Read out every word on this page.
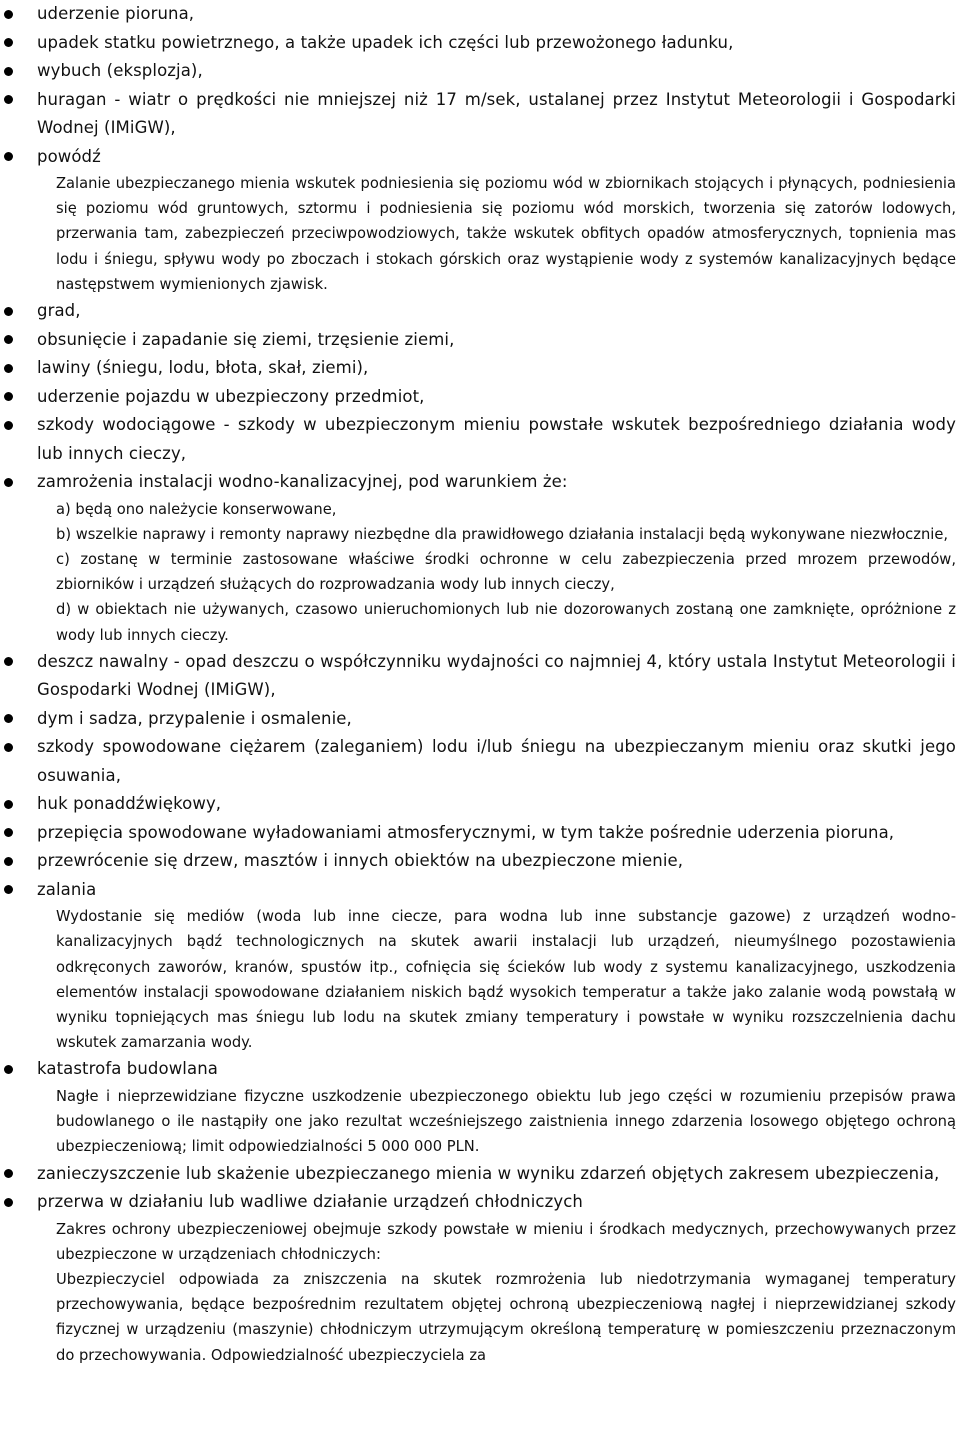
uderzenie pioruna,
upadek statku powietrznego, a także upadek ich części lub przewożonego ładunku,
wybuch (eksplozja),
huragan - wiatr o prędkości nie mniejszej niż 17 m/sek, ustalanej przez Instytut Meteorologii i Gospodarki Wodnej (IMiGW),
powódź
Zalanie ubezpieczanego mienia wskutek podniesienia się poziomu wód w zbiornikach stojących i płynących, podniesienia się poziomu wód gruntowych, sztormu i podniesienia się poziomu wód morskich, tworzenia się zatorów lodowych, przerwania tam, zabezpieczeń przeciwpowodziowych, także wskutek obfitych opadów atmosferycznych, topnienia mas lodu i śniegu, spływu wody po zboczach i stokach górskich oraz wystąpienie wody z systemów kanalizacyjnych będące następstwem wymienionych zjawisk.
grad,
obsunięcie i zapadanie się ziemi, trzęsienie ziemi,
lawiny (śniegu, lodu, błota, skał, ziemi),
uderzenie pojazdu w ubezpieczony przedmiot,
szkody wodociągowe - szkody w ubezpieczonym mieniu powstałe wskutek bezpośredniego działania wody lub innych cieczy,
zamrożenia instalacji wodno-kanalizacyjnej, pod warunkiem że:
a) będą ono należycie konserwowane,
b) wszelkie naprawy i remonty naprawy niezbędne dla prawidłowego działania instalacji będą wykonywane niezwłocznie,
c) zostanę w terminie zastosowane właściwe środki ochronne w celu zabezpieczenia przed mrozem przewodów, zbiorników i urządzeń służących do rozprowadzania wody lub innych cieczy,
d) w obiektach nie używanych, czasowo unieruchomionych lub nie dozorowanych zostaną one zamknięte, opróżnione z wody lub innych cieczy.
deszcz nawalny - opad deszczu o współczynniku wydajności co najmniej 4, który ustala Instytut Meteorologii i Gospodarki Wodnej (IMiGW),
dym i sadza, przypalenie i osmalenie,
szkody spowodowane ciężarem (zaleganiem) lodu i/lub śniegu na ubezpieczanym mieniu oraz skutki jego osuwania,
huk ponaddźwiękowy,
przepięcia spowodowane wyładowaniami atmosferycznymi, w tym także pośrednie uderzenia pioruna,
przewrócenie się drzew, masztów i innych obiektów na ubezpieczone mienie,
zalania
Wydostanie się mediów (woda lub inne ciecze, para wodna lub inne substancje gazowe) z urządzeń wodno-kanalizacyjnych bądź technologicznych na skutek awarii instalacji lub urządzeń, nieumyślnego pozostawienia odkręconych zaworów, kranów, spustów itp., cofnięcia się ścieków lub wody z systemu kanalizacyjnego, uszkodzenia elementów instalacji spowodowane działaniem niskich bądź wysokich temperatur a także jako zalanie wodą powstałą w wyniku topniejących mas śniegu lub lodu na skutek zmiany temperatury i powstałe w wyniku rozszczelnienia dachu wskutek zamarzania wody.
katastrofa budowlana
Nagłe i nieprzewidziane fizyczne uszkodzenie ubezpieczonego obiektu lub jego części w rozumieniu przepisów prawa budowlanego o ile nastąpiły one jako rezultat wcześniejszego zaistnienia innego zdarzenia losowego objętego ochroną ubezpieczeniową; limit odpowiedzialności 5 000 000 PLN.
zanieczyszczenie lub skażenie ubezpieczanego mienia w wyniku zdarzeń objętych zakresem ubezpieczenia,
przerwa w działaniu lub wadliwe działanie urządzeń chłodniczych
Zakres ochrony ubezpieczeniowej obejmuje szkody powstałe w mieniu i środkach medycznych, przechowywanych przez ubezpieczone w urządzeniach chłodniczych:
Ubezpieczyciel odpowiada za zniszczenia na skutek rozmrożenia lub niedotrzymania wymaganej temperatury przechowywania, będące bezpośrednim rezultatem objętej ochroną ubezpieczeniową nagłej i nieprzewidzianej szkody fizycznej w urządzeniu (maszynie) chłodniczym utrzymującym określoną temperaturę w pomieszczeniu przeznaczonym do przechowywania. Odpowiedzialność ubezpieczyciela za
